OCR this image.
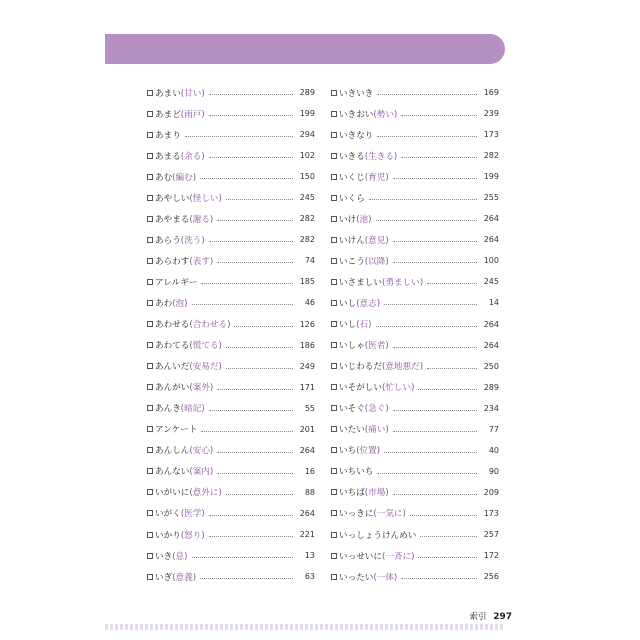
あまい (甘い)	289
あまど (雨戸)	199
あまり	294
あまる (余る)	102
あむ (編む)	150
あやしい (怪しい)	245
あやまる (謝る)	282
あらう (洗う)	282
あらわす (表す)	74
アレルギー	185
あわ (泡)	46
あわせる (合わせる)	126
あわてる (慌てる)	186
あんいだ (安易だ)	249
あんがい (案外)	171
あんき (暗記)	55
アンケート	201
あんしん (安心)	264
あんない (案内)	16
いがいに (意外に)	88
いがく (医学)	264
いかり (怒り)	221
いき (息)	13
いぎ (意義)	63
いきいき	169
いきおい (勢い)	239
いきなり	173
いきる (生きる)	282
いくじ (育児)	199
いくら	255
いけ (池)	264
いけん (意見)	264
いこう (以降)	100
いさましい (勇ましい)	245
いし (意志)	14
いし (石)	264
いしゃ (医者)	264
いじわるだ (意地悪だ)	250
いそがしい (忙しい)	289
いそぐ (急ぐ)	234
いたい (痛い)	77
いち (位置)	40
いちいち	90
いちば (市場)	209
いっきに (一気に)	173
いっしょうけんめい	257
いっせいに (一斉に)	172
いったい (一体)	256
索引 297
